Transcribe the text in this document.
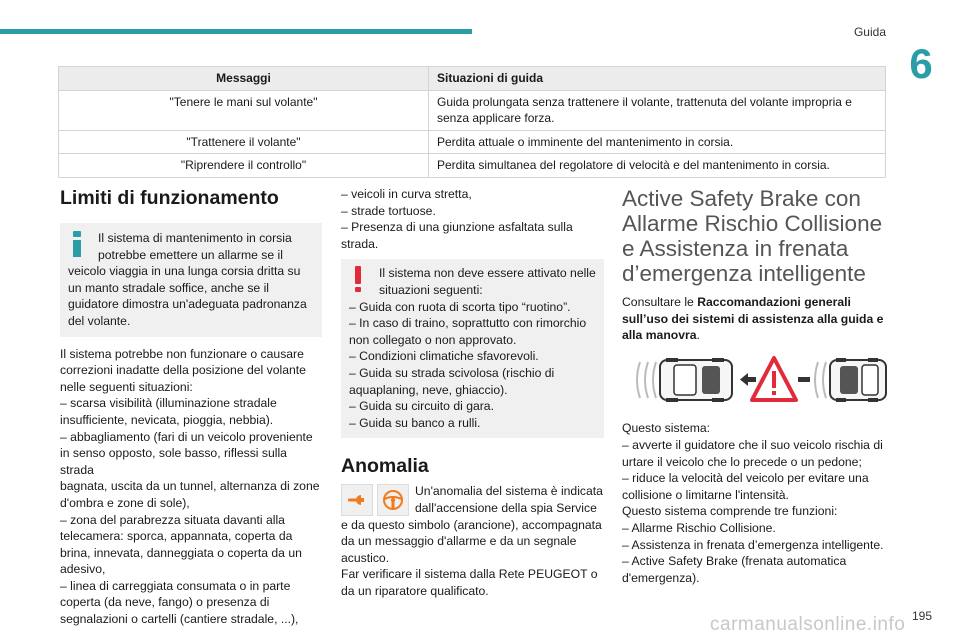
Guida
6
Messaggi	Situazioni di guida
"Tenere le mani sul volante"	Guida prolungata senza trattenere il volante, trattenuta del volante impropria e
senza applicare forza.

"Trattenere il volante"	Perdita attuale o imminente del mantenimento in corsia.
"Riprendere il controllo"	Perdita simultanea del regolatore di velocità e del mantenimento in corsia.
Limiti di funzionamento
Il sistema di mantenimento in corsia
potrebbe emettere un allarme se il
veicolo viaggia in una lunga corsia dritta su
un manto stradale soffice, anche se il
guidatore dimostra un'adeguata padronanza
del volante.
Il sistema potrebbe non funzionare o causare
correzioni inadatte della posizione del volante
nelle seguenti situazioni:
– scarsa visibilità (illuminazione stradale
insufficiente, nevicata, pioggia, nebbia).
– abbagliamento (fari di un veicolo proveniente
in senso opposto, sole basso, riflessi sulla strada
bagnata, uscita da un tunnel, alternanza di zone
d'ombra e zone di sole),
– zona del parabrezza situata davanti alla
telecamera: sporca, appannata, coperta da
brina, innevata, danneggiata o coperta da un
adesivo,
– linea di carreggiata consumata o in parte
coperta (da neve, fango) o presenza di
segnalazioni o cartelli (cantiere stradale, ...),
– veicoli in curva stretta,
– strade tortuose.
– Presenza di una giunzione asfaltata sulla
strada.
Il sistema non deve essere attivato nelle
situazioni seguenti:
– Guida con ruota di scorta tipo “ruotino”.
– In caso di traino, soprattutto con rimorchio
non collegato o non approvato.
– Condizioni climatiche sfavorevoli.
– Guida su strada scivolosa (rischio di
aquaplaning, neve, ghiaccio).
– Guida su circuito di gara.
– Guida su banco a rulli.
Anomalia
Un'anomalia del sistema è indicata
dall'accensione della spia Service
e da questo simbolo (arancione), accompagnata
da un messaggio d'allarme e da un segnale
acustico.
Far verificare il sistema dalla Rete PEUGEOT o
da un riparatore qualificato.
Active Safety Brake con
Allarme Rischio Collisione
e Assistenza in frenata
d’emergenza intelligente
Consultare le Raccomandazioni generali
sull’uso dei sistemi di assistenza alla guida e
alla manovra.
Questo sistema:
– avverte il guidatore che il suo veicolo rischia di
urtare il veicolo che lo precede o un pedone;
– riduce la velocità del veicolo per evitare una
collisione o limitarne l'intensità.
Questo sistema comprende tre funzioni:
– Allarme Rischio Collisione.
– Assistenza in frenata d’emergenza intelligente.
– Active Safety Brake (frenata automatica
d'emergenza).
195
carmanualsonline.info
